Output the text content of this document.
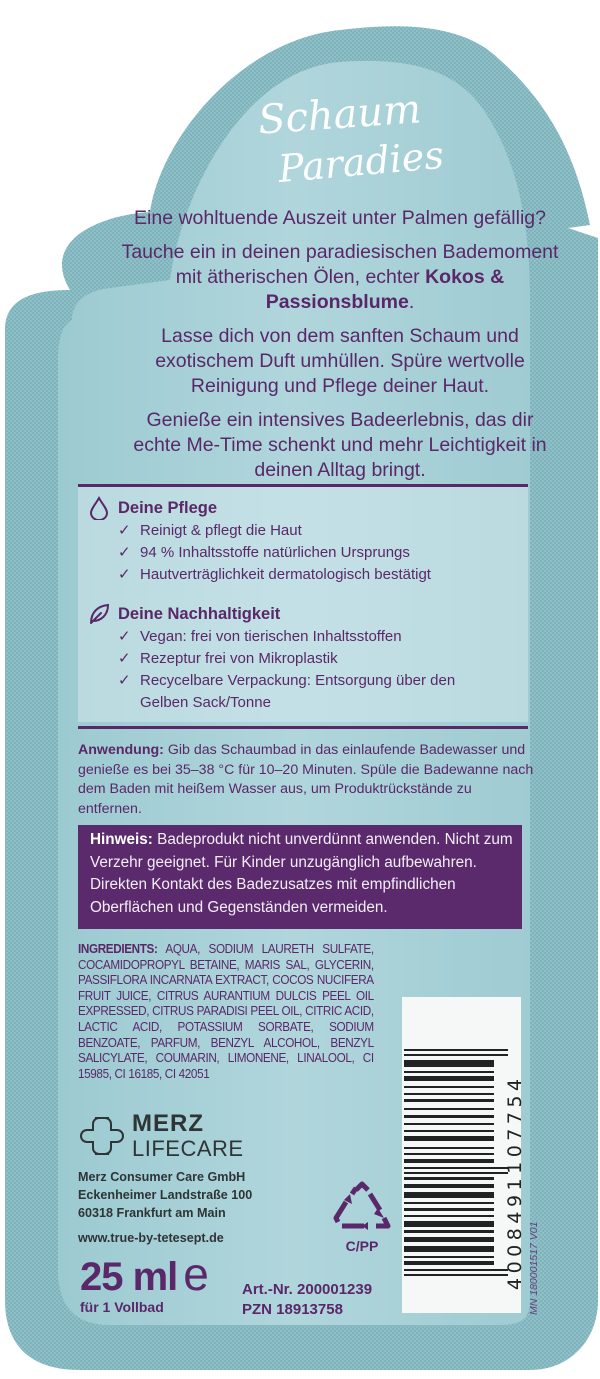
Schaum
Paradies

Eine wohltuende Auszeit unter Palmen gefällig?

Tauche ein in deinen paradiesischen Bademoment mit ätherischen Ölen, echter Kokos & Passionsblume.

Lasse dich von dem sanften Schaum und exotischem Duft umhüllen. Spüre wertvolle Reinigung und Pflege deiner Haut.

Genieße ein intensives Badeerlebnis, das dir echte Me-Time schenkt und mehr Leichtigkeit in deinen Alltag bringt.

Deine Pflege
✓ Reinigt & pflegt die Haut
✓ 94 % Inhaltsstoffe natürlichen Ursprungs
✓ Hautverträglichkeit dermatologisch bestätigt
Deine Nachhaltigkeit
✓ Vegan: frei von tierischen Inhaltsstoffen
✓ Rezeptur frei von Mikroplastik
✓ Recycelbare Verpackung: Entsorgung über den Gelben Sack/Tonne
Anwendung: Gib das Schaumbad in das einlaufende Badewasser und genieße es bei 35–38 °C für 10–20 Minuten. Spüle die Badewanne nach dem Baden mit heißem Wasser aus, um Produktrückstände zu entfernen.
Hinweis: Badeprodukt nicht unverdünnt anwenden. Nicht zum Verzehr geeignet. Für Kinder unzugänglich aufbewahren. Direkten Kontakt des Badezusatzes mit empfindlichen Oberflächen und Gegenständen vermeiden.
INGREDIENTS: AQUA, SODIUM LAURETH SULFATE, COCAMIDOPROPYL BETAINE, MARIS SAL, GLYCERIN, PASSIFLORA INCARNATA EXTRACT, COCOS NUCIFERA FRUIT JUICE, CITRUS AURANTIUM DULCIS PEEL OIL EXPRESSED, CITRUS PARADISI PEEL OIL, CITRIC ACID, LACTIC ACID, POTASSIUM SORBATE, SODIUM BENZOATE, PARFUM, BENZYL ALCOHOL, BENZYL SALICYLATE, COUMARIN, LIMONENE, LINALOOL, CI 15985, CI 16185, CI 42051
MERZ
LIFECARE
Merz Consumer Care GmbH
Eckenheimer Landstraße 100
60318 Frankfurt am Main
www.true-by-tetesept.de	C/PP
25 ml e
für 1 Vollbad
Art.-Nr. 200001239
PZN 18913758
4008491107754 MN 180001517 V01
